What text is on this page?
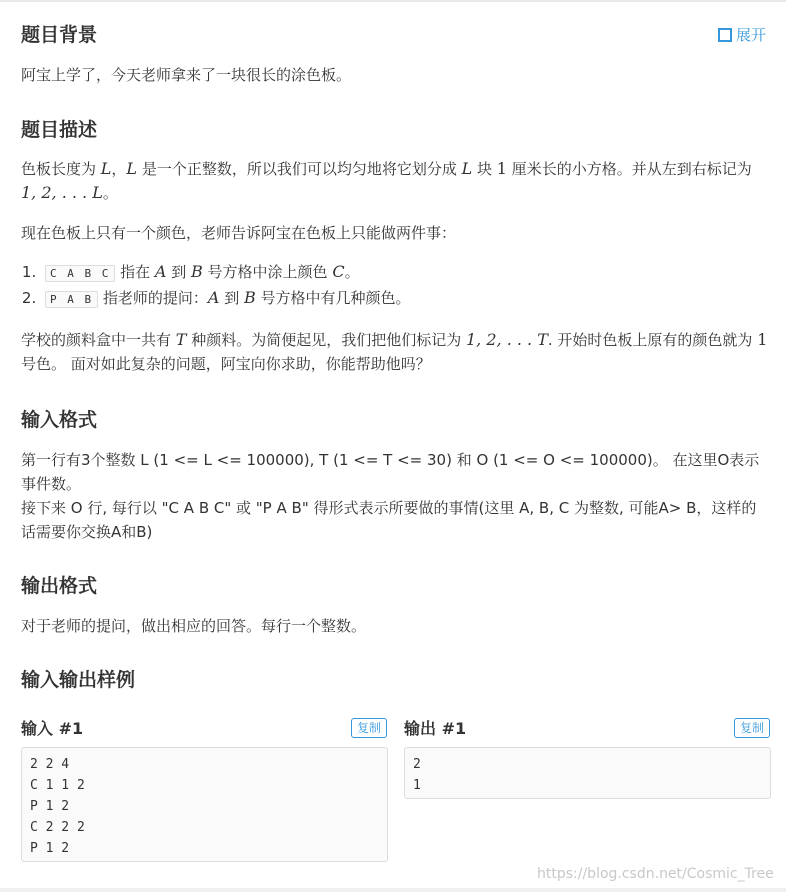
展开
题目背景

阿宝上学了，今天老师拿来了一块很长的涂色板。

题目描述

色板长度为 L，L 是一个正整数，所以我们可以均匀地将它划分成 L 块 1 厘米长的小方格。并从左到右标记为 1, 2, . . . L。

现在色板上只有一个颜色，老师告诉阿宝在色板上只能做两件事：

1. C A B C 指在 A 到 B 号方格中涂上颜色 C。
2. P A B 指老师的提问：A 到 B 号方格中有几种颜色。

学校的颜料盒中一共有 T 种颜料。为简便起见，我们把他们标记为 1, 2, . . . T. 开始时色板上原有的颜色就为 1 号色。 面对如此复杂的问题，阿宝向你求助，你能帮助他吗？

输入格式

第一行有3个整数 L (1 <= L <= 100000), T (1 <= T <= 30) 和 O (1 <= O <= 100000)。 在这里O表示事件数。

接下来 O 行, 每行以 "C A B C" 或 "P A B" 得形式表示所要做的事情(这里 A, B, C 为整数, 可能A> B，这样的话需要你交换A和B)

输出格式

对于老师的提问，做出相应的回答。每行一个整数。

输入输出样例
输入 #1	复制
2 2 4
C 1 1 2
P 1 2
C 2 2 2
P 1 2
输出 #1	复制
2
1
https://blog.csdn.net/Cosmic_Tree
